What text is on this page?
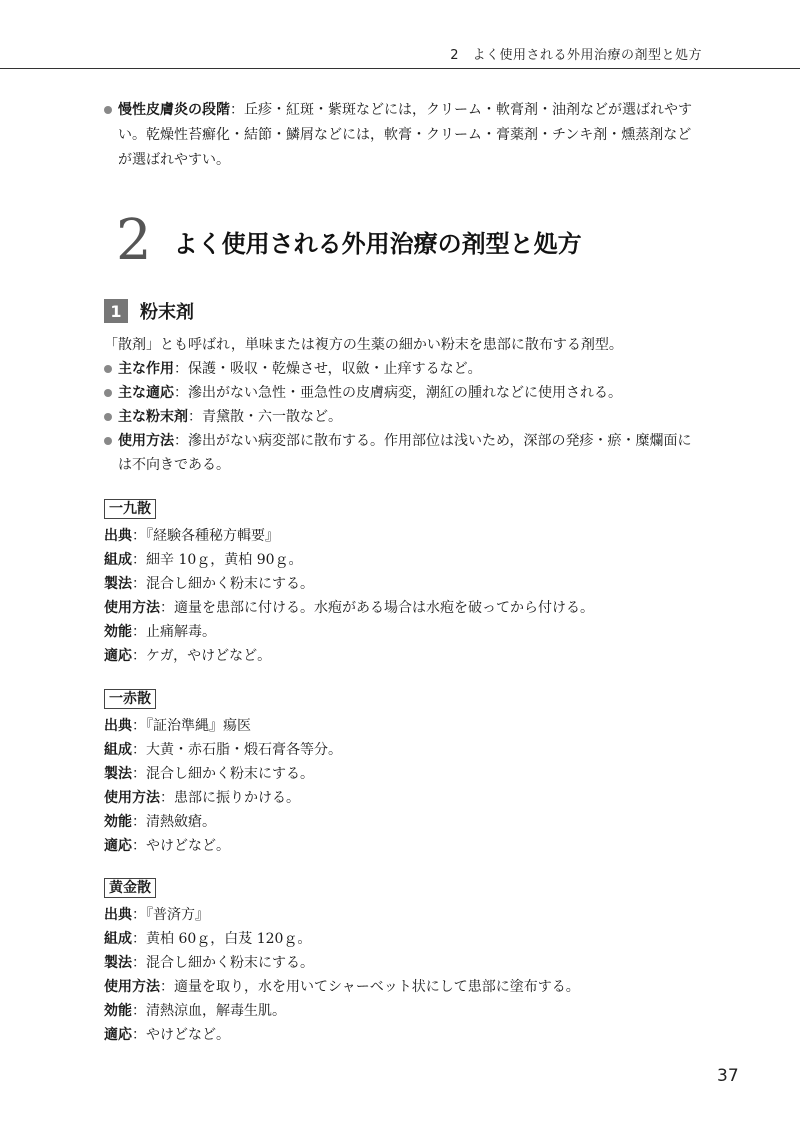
2　よく使用される外用治療の剤型と処方
慢性皮膚炎の段階：丘疹・紅斑・紫斑などには，クリーム・軟膏剤・油剤などが選ばれやす
い。乾燥性苔癬化・結節・鱗屑などには，軟膏・クリーム・膏薬剤・チンキ剤・燻蒸剤など
が選ばれやすい。
2 よく使用される外用治療の剤型と処方
1	粉末剤
「散剤」とも呼ばれ，単味または複方の生薬の細かい粉末を患部に散布する剤型。
主な作用：保護・吸収・乾燥させ，収斂・止痒するなど。
主な適応：滲出がない急性・亜急性の皮膚病変，潮紅の腫れなどに使用される。
主な粉末剤：青黛散・六一散など。
使用方法：滲出がない病変部に散布する。作用部位は浅いため，深部の発疹・瘀・糜爛面に
は不向きである。
一九散
出典：『経験各種秘方輯要』
組成：細辛 10ｇ，黄柏 90ｇ。
製法：混合し細かく粉末にする。
使用方法：適量を患部に付ける。水疱がある場合は水疱を破ってから付ける。
効能：止痛解毒。
適応：ケガ，やけどなど。
一赤散
出典：『証治準縄』瘍医
組成：大黄・赤石脂・煅石膏各等分。
製法：混合し細かく粉末にする。
使用方法：患部に振りかける。
効能：清熱斂瘡。
適応：やけどなど。
黄金散
出典：『普済方』
組成：黄柏 60ｇ，白芨 120ｇ。
製法：混合し細かく粉末にする。
使用方法：適量を取り，水を用いてシャーベット状にして患部に塗布する。
効能：清熱涼血，解毒生肌。
適応：やけどなど。
37
